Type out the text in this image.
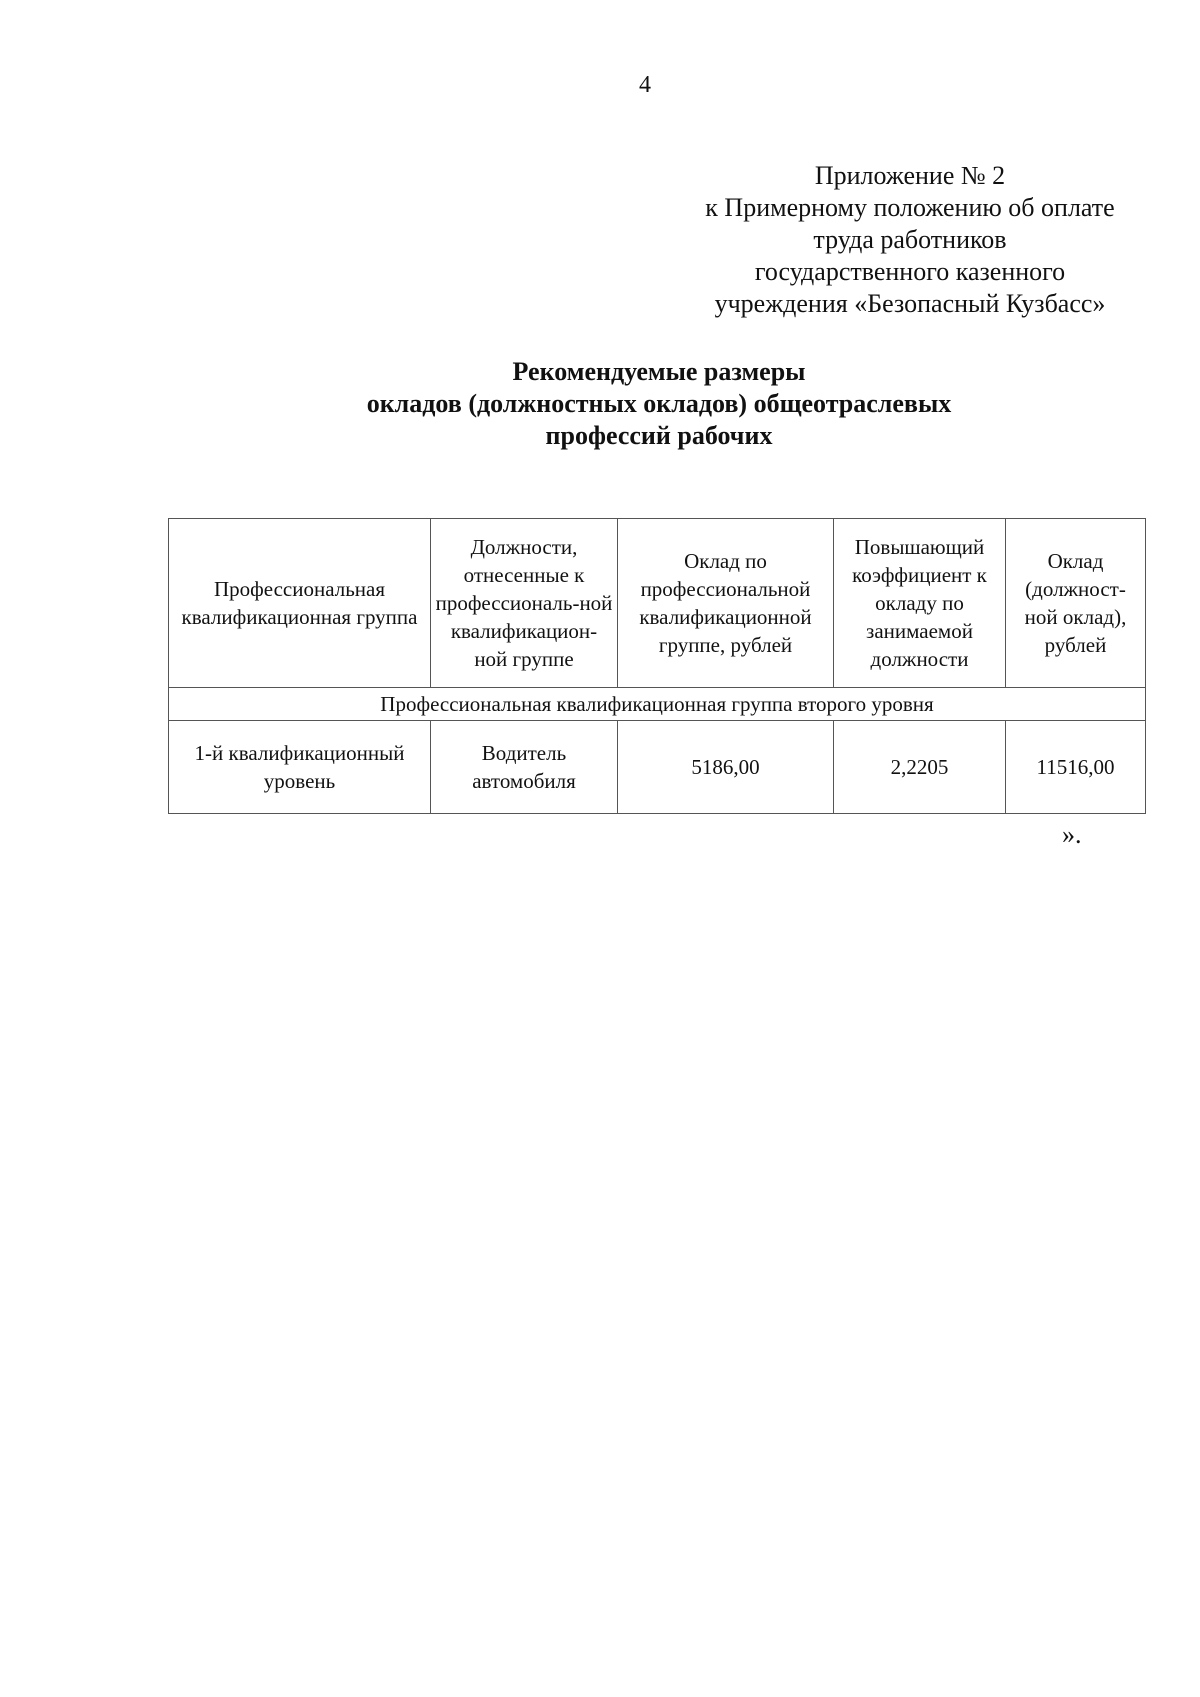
4
Приложение № 2
к Примерному положению об оплате
труда работников
государственного казенного
учреждения «Безопасный Кузбасс»
Рекомендуемые размеры
окладов (должностных окладов) общеотраслевых
профессий рабочих
Профессиональная квалификационная группа	Должности, отнесенные к профессиональ-ной квалификацион-ной группе	Оклад по профессиональной квалификационной группе, рублей	Повышающий коэффициент к окладу по занимаемой должности	Оклад (должност-ной оклад), рублей
Профессиональная квалификационная группа второго уровня				
1-й квалификационный уровень	Водитель автомобиля	5186,00	2,2205	11516,00
».
